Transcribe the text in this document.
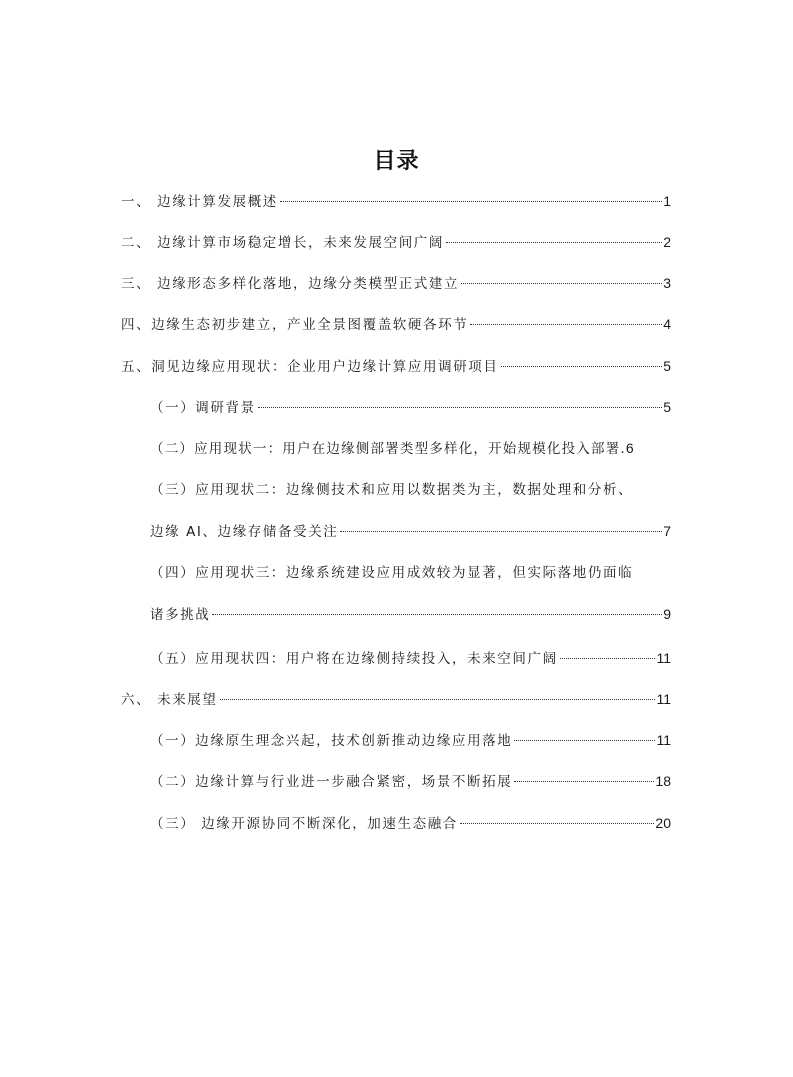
目录
一、 边缘计算发展概述	1
二、 边缘计算市场稳定增长，未来发展空间广阔	2
三、 边缘形态多样化落地，边缘分类模型正式建立	3
四、边缘生态初步建立，产业全景图覆盖软硬各环节	4
五、洞见边缘应用现状：企业用户边缘计算应用调研项目	5
（一）调研背景	5
（二）应用现状一：用户在边缘侧部署类型多样化，开始规模化投入部署. 6
（三）应用现状二：边缘侧技术和应用以数据类为主，数据处理和分析、
边缘 AI、边缘存储备受关注	7
（四）应用现状三：边缘系统建设应用成效较为显著，但实际落地仍面临
诸多挑战	9
（五）应用现状四：用户将在边缘侧持续投入，未来空间广阔	11
六、 未来展望	11
（一）边缘原生理念兴起，技术创新推动边缘应用落地	11
（二）边缘计算与行业进一步融合紧密，场景不断拓展	18
（三） 边缘开源协同不断深化，加速生态融合	20
